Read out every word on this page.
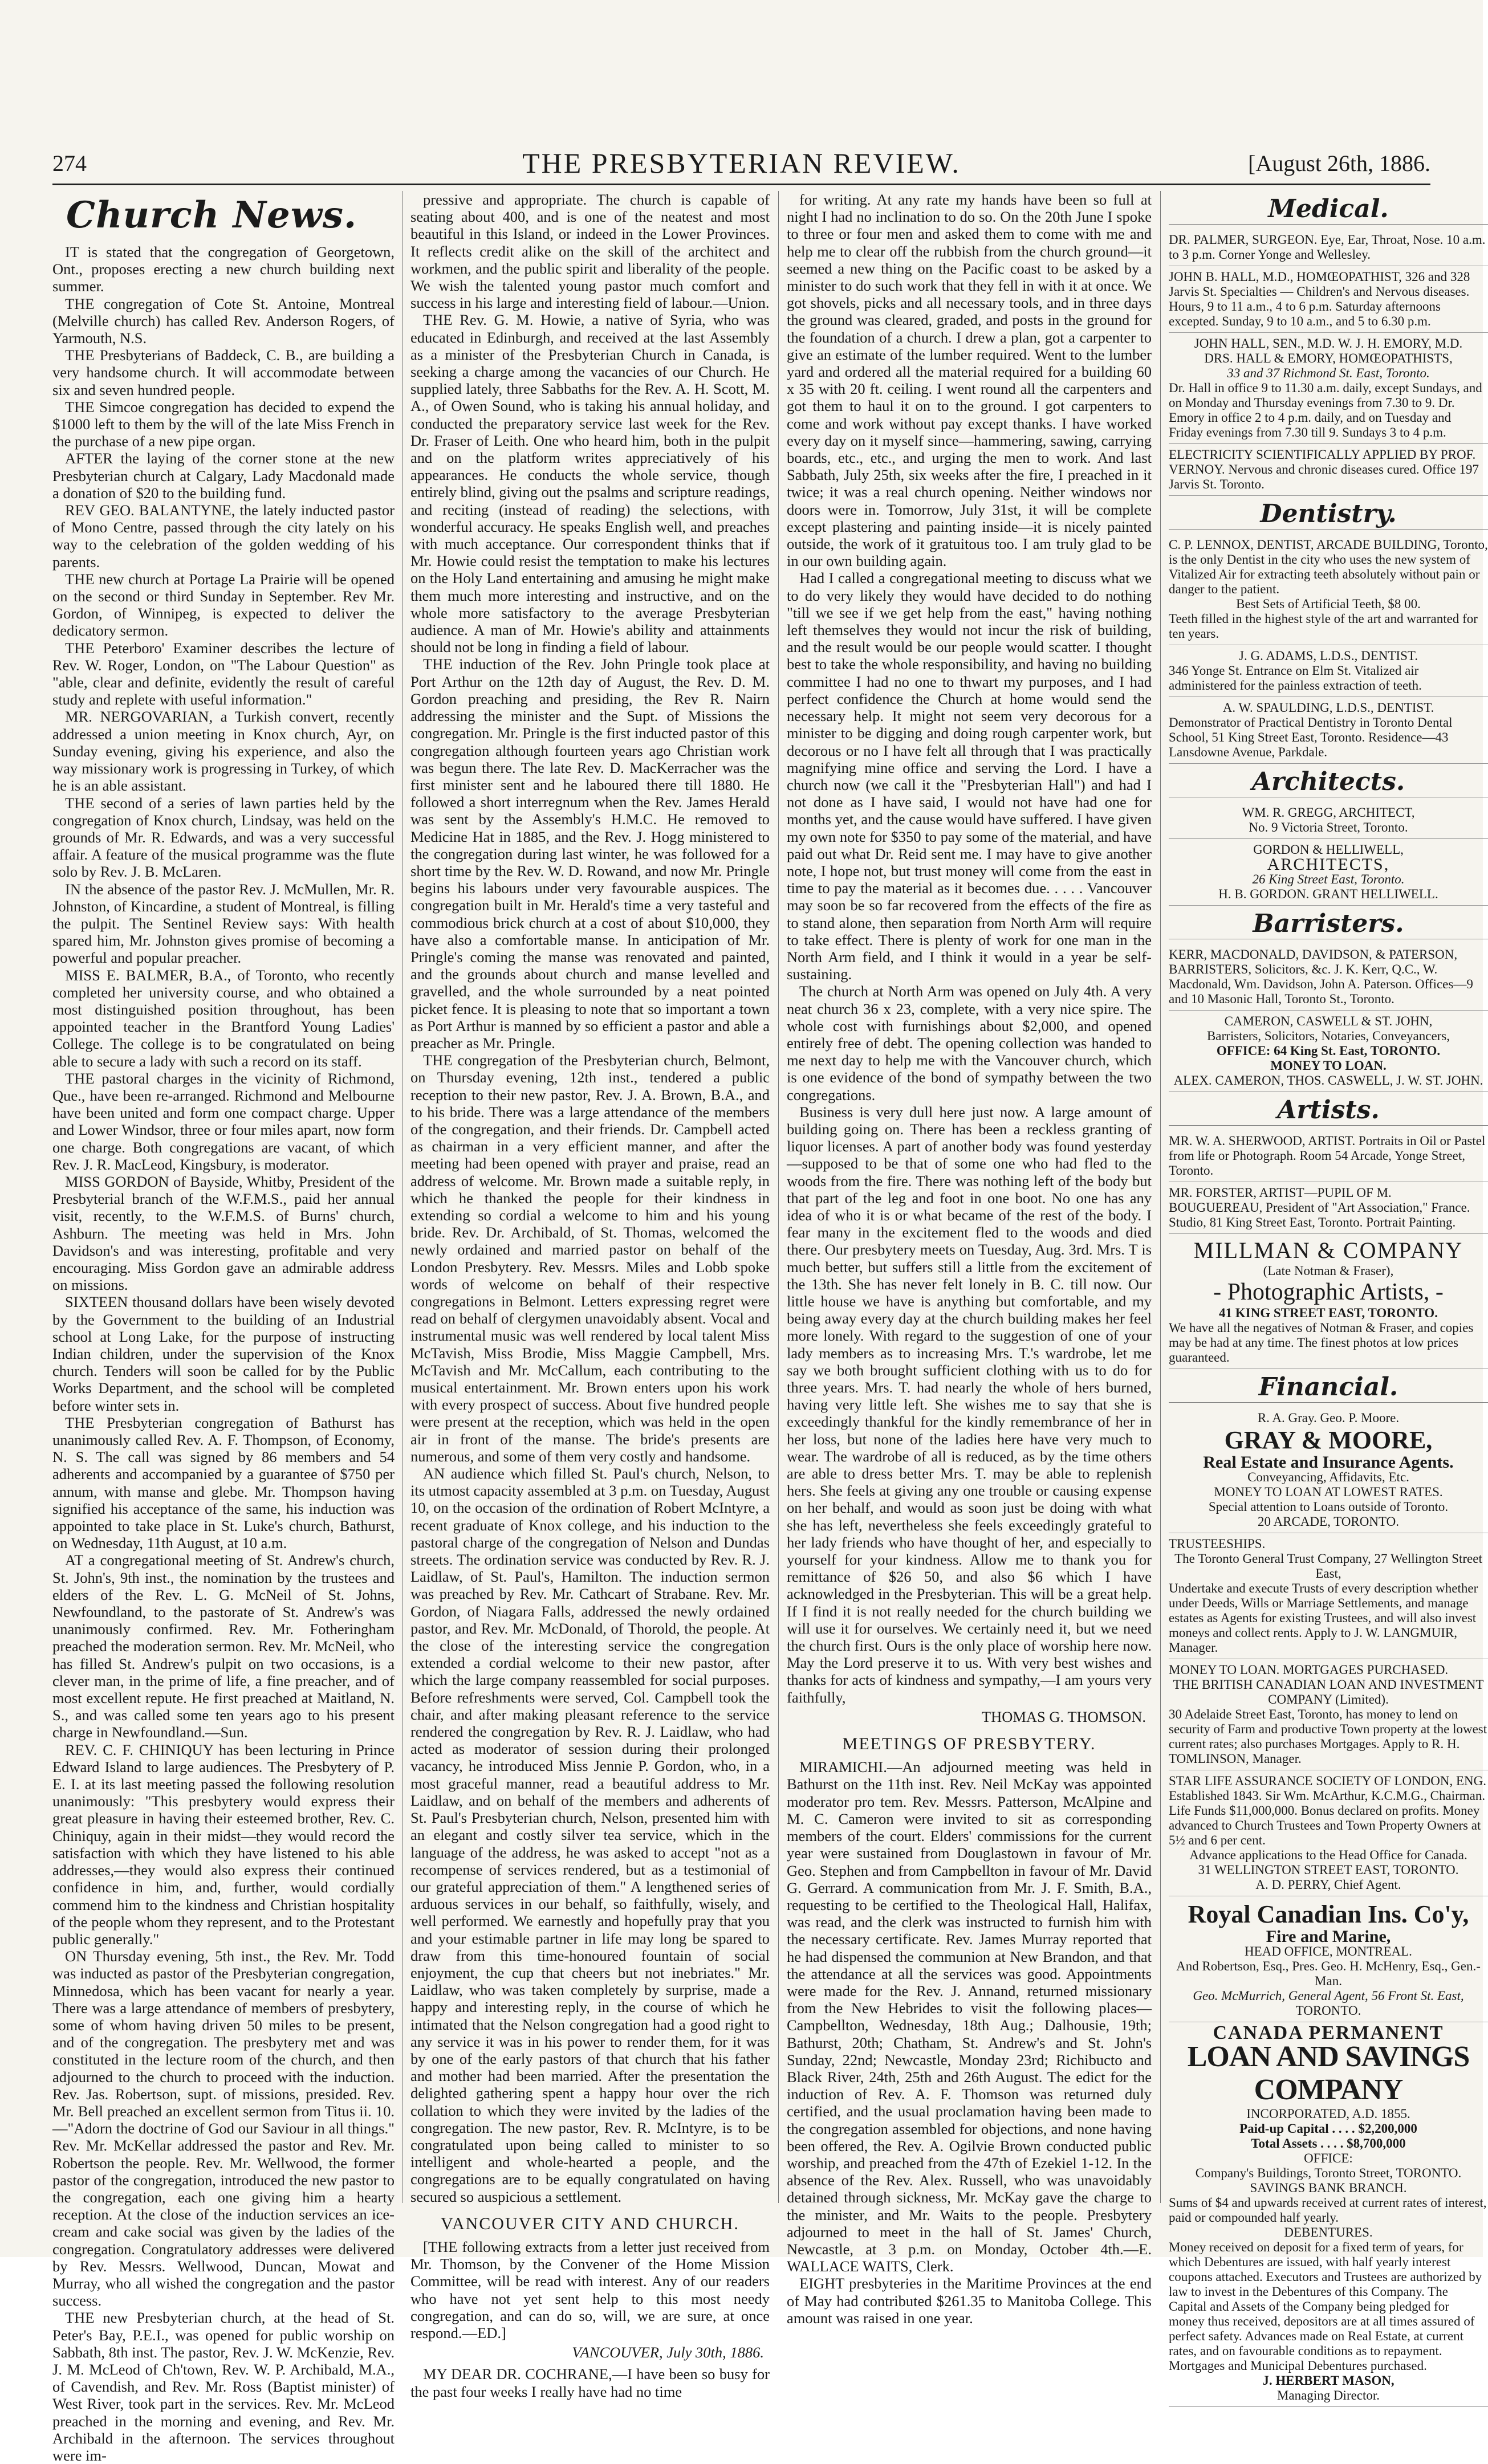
274	THE PRESBYTERIAN REVIEW.	[August 26th, 1886.
Church News.

IT is stated that the congregation of Georgetown, Ont., proposes erecting a new church building next summer.

THE congregation of Cote St. Antoine, Montreal (Melville church) has called Rev. Anderson Rogers, of Yarmouth, N.S.

THE Presbyterians of Baddeck, C. B., are building a very handsome church. It will accommodate between six and seven hundred people.

THE Simcoe congregation has decided to expend the $1000 left to them by the will of the late Miss French in the purchase of a new pipe organ.

AFTER the laying of the corner stone at the new Presbyterian church at Calgary, Lady Macdonald made a donation of $20 to the building fund.

REV GEO. BALANTYNE, the lately inducted pastor of Mono Centre, passed through the city lately on his way to the celebration of the golden wedding of his parents.

THE new church at Portage La Prairie will be opened on the second or third Sunday in September. Rev Mr. Gordon, of Winnipeg, is expected to deliver the dedicatory sermon.

THE Peterboro' Examiner describes the lecture of Rev. W. Roger, London, on "The Labour Question" as "able, clear and definite, evidently the result of careful study and replete with useful information."

MR. NERGOVARIAN, a Turkish convert, recently addressed a union meeting in Knox church, Ayr, on Sunday evening, giving his experience, and also the way missionary work is progressing in Turkey, of which he is an able assistant.

THE second of a series of lawn parties held by the congregation of Knox church, Lindsay, was held on the grounds of Mr. R. Edwards, and was a very successful affair. A feature of the musical programme was the flute solo by Rev. J. B. McLaren.

IN the absence of the pastor Rev. J. McMullen, Mr. R. Johnston, of Kincardine, a student of Montreal, is filling the pulpit. The Sentinel Review says: With health spared him, Mr. Johnston gives promise of becoming a powerful and popular preacher.

MISS E. BALMER, B.A., of Toronto, who recently completed her university course, and who obtained a most distinguished position throughout, has been appointed teacher in the Brantford Young Ladies' College. The college is to be congratulated on being able to secure a lady with such a record on its staff.

THE pastoral charges in the vicinity of Richmond, Que., have been re-arranged. Richmond and Melbourne have been united and form one compact charge. Upper and Lower Windsor, three or four miles apart, now form one charge. Both congregations are vacant, of which Rev. J. R. MacLeod, Kingsbury, is moderator.

MISS GORDON of Bayside, Whitby, President of the Presbyterial branch of the W.F.M.S., paid her annual visit, recently, to the W.F.M.S. of Burns' church, Ashburn. The meeting was held in Mrs. John Davidson's and was interesting, profitable and very encouraging. Miss Gordon gave an admirable address on missions.

SIXTEEN thousand dollars have been wisely devoted by the Government to the building of an Industrial school at Long Lake, for the purpose of instructing Indian children, under the supervision of the Knox church. Tenders will soon be called for by the Public Works Department, and the school will be completed before winter sets in.

THE Presbyterian congregation of Bathurst has unanimously called Rev. A. F. Thompson, of Economy, N. S. The call was signed by 86 members and 54 adherents and accompanied by a guarantee of $750 per annum, with manse and glebe. Mr. Thompson having signified his acceptance of the same, his induction was appointed to take place in St. Luke's church, Bathurst, on Wednesday, 11th August, at 10 a.m.

AT a congregational meeting of St. Andrew's church, St. John's, 9th inst., the nomination by the trustees and elders of the Rev. L. G. McNeil of St. Johns, Newfoundland, to the pastorate of St. Andrew's was unanimously confirmed. Rev. Mr. Fotheringham preached the moderation sermon. Rev. Mr. McNeil, who has filled St. Andrew's pulpit on two occasions, is a clever man, in the prime of life, a fine preacher, and of most excellent repute. He first preached at Maitland, N. S., and was called some ten years ago to his present charge in Newfoundland.—Sun.

REV. C. F. CHINIQUY has been lecturing in Prince Edward Island to large audiences. The Presbytery of P. E. I. at its last meeting passed the following resolution unanimously: "This presbytery would express their great pleasure in having their esteemed brother, Rev. C. Chiniquy, again in their midst—they would record the satisfaction with which they have listened to his able addresses,—they would also express their continued confidence in him, and, further, would cordially commend him to the kindness and Christian hospitality of the people whom they represent, and to the Protestant public generally."

ON Thursday evening, 5th inst., the Rev. Mr. Todd was inducted as pastor of the Presbyterian congregation, Minnedosa, which has been vacant for nearly a year. There was a large attendance of members of presbytery, some of whom having driven 50 miles to be present, and of the congregation. The presbytery met and was constituted in the lecture room of the church, and then adjourned to the church to proceed with the induction. Rev. Jas. Robertson, supt. of missions, presided. Rev. Mr. Bell preached an excellent sermon from Titus ii. 10.—"Adorn the doctrine of God our Saviour in all things." Rev. Mr. McKellar addressed the pastor and Rev. Mr. Robertson the people. Rev. Mr. Wellwood, the former pastor of the congregation, introduced the new pastor to the congregation, each one giving him a hearty reception. At the close of the induction services an ice-cream and cake social was given by the ladies of the congregation. Congratulatory addresses were delivered by Rev. Messrs. Wellwood, Duncan, Mowat and Murray, who all wished the congregation and the pastor success.

THE new Presbyterian church, at the head of St. Peter's Bay, P.E.I., was opened for public worship on Sabbath, 8th inst. The pastor, Rev. J. W. McKenzie, Rev. J. M. McLeod of Ch'town, Rev. W. P. Archibald, M.A., of Cavendish, and Rev. Mr. Ross (Baptist minister) of West River, took part in the services. Rev. Mr. McLeod preached in the morning and evening, and Rev. Mr. Archibald in the afternoon. The services throughout were im-

pressive and appropriate. The church is capable of seating about 400, and is one of the neatest and most beautiful in this Island, or indeed in the Lower Provinces. It reflects credit alike on the skill of the architect and workmen, and the public spirit and liberality of the people. We wish the talented young pastor much comfort and success in his large and interesting field of labour.—Union.

THE Rev. G. M. Howie, a native of Syria, who was educated in Edinburgh, and received at the last Assembly as a minister of the Presbyterian Church in Canada, is seeking a charge among the vacancies of our Church. He supplied lately, three Sabbaths for the Rev. A. H. Scott, M. A., of Owen Sound, who is taking his annual holiday, and conducted the preparatory service last week for the Rev. Dr. Fraser of Leith. One who heard him, both in the pulpit and on the platform writes appreciatively of his appearances. He conducts the whole service, though entirely blind, giving out the psalms and scripture readings, and reciting (instead of reading) the selections, with wonderful accuracy. He speaks English well, and preaches with much acceptance. Our correspondent thinks that if Mr. Howie could resist the temptation to make his lectures on the Holy Land entertaining and amusing he might make them much more interesting and instructive, and on the whole more satisfactory to the average Presbyterian audience. A man of Mr. Howie's ability and attainments should not be long in finding a field of labour.

THE induction of the Rev. John Pringle took place at Port Arthur on the 12th day of August, the Rev. D. M. Gordon preaching and presiding, the Rev R. Nairn addressing the minister and the Supt. of Missions the congregation. Mr. Pringle is the first inducted pastor of this congregation although fourteen years ago Christian work was begun there. The late Rev. D. MacKerracher was the first minister sent and he laboured there till 1880. He followed a short interregnum when the Rev. James Herald was sent by the Assembly's H.M.C. He removed to Medicine Hat in 1885, and the Rev. J. Hogg ministered to the congregation during last winter, he was followed for a short time by the Rev. W. D. Rowand, and now Mr. Pringle begins his labours under very favourable auspices. The congregation built in Mr. Herald's time a very tasteful and commodious brick church at a cost of about $10,000, they have also a comfortable manse. In anticipation of Mr. Pringle's coming the manse was renovated and painted, and the grounds about church and manse levelled and gravelled, and the whole surrounded by a neat pointed picket fence. It is pleasing to note that so important a town as Port Arthur is manned by so efficient a pastor and able a preacher as Mr. Pringle.

THE congregation of the Presbyterian church, Belmont, on Thursday evening, 12th inst., tendered a public reception to their new pastor, Rev. J. A. Brown, B.A., and to his bride. There was a large attendance of the members of the congregation, and their friends. Dr. Campbell acted as chairman in a very efficient manner, and after the meeting had been opened with prayer and praise, read an address of welcome. Mr. Brown made a suitable reply, in which he thanked the people for their kindness in extending so cordial a welcome to him and his young bride. Rev. Dr. Archibald, of St. Thomas, welcomed the newly ordained and married pastor on behalf of the London Presbytery. Rev. Messrs. Miles and Lobb spoke words of welcome on behalf of their respective congregations in Belmont. Letters expressing regret were read on behalf of clergymen unavoidably absent. Vocal and instrumental music was well rendered by local talent Miss McTavish, Miss Brodie, Miss Maggie Campbell, Mrs. McTavish and Mr. McCallum, each contributing to the musical entertainment. Mr. Brown enters upon his work with every prospect of success. About five hundred people were present at the reception, which was held in the open air in front of the manse. The bride's presents are numerous, and some of them very costly and handsome.

AN audience which filled St. Paul's church, Nelson, to its utmost capacity assembled at 3 p.m. on Tuesday, August 10, on the occasion of the ordination of Robert McIntyre, a recent graduate of Knox college, and his induction to the pastoral charge of the congregation of Nelson and Dundas streets. The ordination service was conducted by Rev. R. J. Laidlaw, of St. Paul's, Hamilton. The induction sermon was preached by Rev. Mr. Cathcart of Strabane. Rev. Mr. Gordon, of Niagara Falls, addressed the newly ordained pastor, and Rev. Mr. McDonald, of Thorold, the people. At the close of the interesting service the congregation extended a cordial welcome to their new pastor, after which the large company reassembled for social purposes. Before refreshments were served, Col. Campbell took the chair, and after making pleasant reference to the service rendered the congregation by Rev. R. J. Laidlaw, who had acted as moderator of session during their prolonged vacancy, he introduced Miss Jennie P. Gordon, who, in a most graceful manner, read a beautiful address to Mr. Laidlaw, and on behalf of the members and adherents of St. Paul's Presbyterian church, Nelson, presented him with an elegant and costly silver tea service, which in the language of the address, he was asked to accept "not as a recompense of services rendered, but as a testimonial of our grateful appreciation of them." A lengthened series of arduous services in our behalf, so faithfully, wisely, and well performed. We earnestly and hopefully pray that you and your estimable partner in life may long be spared to draw from this time-honoured fountain of social enjoyment, the cup that cheers but not inebriates." Mr. Laidlaw, who was taken completely by surprise, made a happy and interesting reply, in the course of which he intimated that the Nelson congregation had a good right to any service it was in his power to render them, for it was by one of the early pastors of that church that his father and mother had been married. After the presentation the delighted gathering spent a happy hour over the rich collation to which they were invited by the ladies of the congregation. The new pastor, Rev. R. McIntyre, is to be congratulated upon being called to minister to so intelligent and whole-hearted a people, and the congregations are to be equally congratulated on having secured so auspicious a settlement.

VANCOUVER CITY AND CHURCH.

[THE following extracts from a letter just received from Mr. Thomson, by the Convener of the Home Mission Committee, will be read with interest. Any of our readers who have not yet sent help to this most needy congregation, and can do so, will, we are sure, at once respond.—ED.]

VANCOUVER, July 30th, 1886.

MY DEAR DR. COCHRANE,—I have been so busy for the past four weeks I really have had no time

for writing. At any rate my hands have been so full at night I had no inclination to do so. On the 20th June I spoke to three or four men and asked them to come with me and help me to clear off the rubbish from the church ground—it seemed a new thing on the Pacific coast to be asked by a minister to do such work that they fell in with it at once. We got shovels, picks and all necessary tools, and in three days the ground was cleared, graded, and posts in the ground for the foundation of a church. I drew a plan, got a carpenter to give an estimate of the lumber required. Went to the lumber yard and ordered all the material required for a building 60 x 35 with 20 ft. ceiling. I went round all the carpenters and got them to haul it on to the ground. I got carpenters to come and work without pay except thanks. I have worked every day on it myself since—hammering, sawing, carrying boards, etc., etc., and urging the men to work. And last Sabbath, July 25th, six weeks after the fire, I preached in it twice; it was a real church opening. Neither windows nor doors were in. Tomorrow, July 31st, it will be complete except plastering and painting inside—it is nicely painted outside, the work of it gratuitous too. I am truly glad to be in our own building again.

Had I called a congregational meeting to discuss what we to do very likely they would have decided to do nothing "till we see if we get help from the east," having nothing left themselves they would not incur the risk of building, and the result would be our people would scatter. I thought best to take the whole responsibility, and having no building committee I had no one to thwart my purposes, and I had perfect confidence the Church at home would send the necessary help. It might not seem very decorous for a minister to be digging and doing rough carpenter work, but decorous or no I have felt all through that I was practically magnifying mine office and serving the Lord. I have a church now (we call it the "Presbyterian Hall") and had I not done as I have said, I would not have had one for months yet, and the cause would have suffered. I have given my own note for $350 to pay some of the material, and have paid out what Dr. Reid sent me. I may have to give another note, I hope not, but trust money will come from the east in time to pay the material as it becomes due. . . . . Vancouver may soon be so far recovered from the effects of the fire as to stand alone, then separation from North Arm will require to take effect. There is plenty of work for one man in the North Arm field, and I think it would in a year be self-sustaining.

The church at North Arm was opened on July 4th. A very neat church 36 x 23, complete, with a very nice spire. The whole cost with furnishings about $2,000, and opened entirely free of debt. The opening collection was handed to me next day to help me with the Vancouver church, which is one evidence of the bond of sympathy between the two congregations.

Business is very dull here just now. A large amount of building going on. There has been a reckless granting of liquor licenses. A part of another body was found yesterday—supposed to be that of some one who had fled to the woods from the fire. There was nothing left of the body but that part of the leg and foot in one boot. No one has any idea of who it is or what became of the rest of the body. I fear many in the excitement fled to the woods and died there. Our presbytery meets on Tuesday, Aug. 3rd. Mrs. T is much better, but suffers still a little from the excitement of the 13th. She has never felt lonely in B. C. till now. Our little house we have is anything but comfortable, and my being away every day at the church building makes her feel more lonely. With regard to the suggestion of one of your lady members as to increasing Mrs. T.'s wardrobe, let me say we both brought sufficient clothing with us to do for three years. Mrs. T. had nearly the whole of hers burned, having very little left. She wishes me to say that she is exceedingly thankful for the kindly remembrance of her in her loss, but none of the ladies here have very much to wear. The wardrobe of all is reduced, as by the time others are able to dress better Mrs. T. may be able to replenish hers. She feels at giving any one trouble or causing expense on her behalf, and would as soon just be doing with what she has left, nevertheless she feels exceedingly grateful to her lady friends who have thought of her, and especially to yourself for your kindness. Allow me to thank you for remittance of $26 50, and also $6 which I have acknowledged in the Presbyterian. This will be a great help. If I find it is not really needed for the church building we will use it for ourselves. We certainly need it, but we need the church first. Ours is the only place of worship here now. May the Lord preserve it to us. With very best wishes and thanks for acts of kindness and sympathy,—I am yours very faithfully,

THOMAS G. THOMSON.
MEETINGS OF PRESBYTERY.

MIRAMICHI.—An adjourned meeting was held in Bathurst on the 11th inst. Rev. Neil McKay was appointed moderator pro tem. Rev. Messrs. Patterson, McAlpine and M. C. Cameron were invited to sit as corresponding members of the court. Elders' commissions for the current year were sustained from Douglastown in favour of Mr. Geo. Stephen and from Campbellton in favour of Mr. David G. Gerrard. A communication from Mr. J. F. Smith, B.A., requesting to be certified to the Theological Hall, Halifax, was read, and the clerk was instructed to furnish him with the necessary certificate. Rev. James Murray reported that he had dispensed the communion at New Brandon, and that the attendance at all the services was good. Appointments were made for the Rev. J. Annand, returned missionary from the New Hebrides to visit the following places—Campbellton, Wednesday, 18th Aug.; Dalhousie, 19th; Bathurst, 20th; Chatham, St. Andrew's and St. John's Sunday, 22nd; Newcastle, Monday 23rd; Richibucto and Black River, 24th, 25th and 26th August. The edict for the induction of Rev. A. F. Thomson was returned duly certified, and the usual proclamation having been made to the congregation assembled for objections, and none having been offered, the Rev. A. Ogilvie Brown conducted public worship, and preached from the 47th of Ezekiel 1-12. In the absence of the Rev. Alex. Russell, who was unavoidably detained through sickness, Mr. McKay gave the charge to the minister, and Mr. Waits to the people. Presbytery adjourned to meet in the hall of St. James' Church, Newcastle, at 3 p.m. on Monday, October 4th.—E. WALLACE WAITS, Clerk.

EIGHT presbyteries in the Maritime Provinces at the end of May had contributed $261.35 to Manitoba College. This amount was raised in one year.

Medical.
DR. PALMER, SURGEON. Eye, Ear, Throat, Nose. 10 a.m. to 3 p.m. Corner Yonge and Wellesley.
JOHN B. HALL, M.D., HOMŒOPATHIST, 326 and 328 Jarvis St. Specialties — Children's and Nervous diseases. Hours, 9 to 11 a.m., 4 to 6 p.m. Saturday afternoons excepted. Sunday, 9 to 10 a.m., and 5 to 6.30 p.m.
JOHN HALL, SEN., M.D. W. J. H. EMORY, M.D.
DRS. HALL & EMORY, HOMŒOPATHISTS,
33 and 37 Richmond St. East, Toronto.
Dr. Hall in office 9 to 11.30 a.m. daily, except Sundays, and on Monday and Thursday evenings from 7.30 to 9. Dr. Emory in office 2 to 4 p.m. daily, and on Tuesday and Friday evenings from 7.30 till 9. Sundays 3 to 4 p.m.
ELECTRICITY SCIENTIFICALLY APPLIED BY PROF. VERNOY. Nervous and chronic diseases cured. Office 197 Jarvis St. Toronto.
Dentistry.
C. P. LENNOX, DENTIST, ARCADE BUILDING, Toronto, is the only Dentist in the city who uses the new system of Vitalized Air for extracting teeth absolutely without pain or danger to the patient.
Best Sets of Artificial Teeth, $8 00.
Teeth filled in the highest style of the art and warranted for ten years.
J. G. ADAMS, L.D.S., DENTIST.
346 Yonge St. Entrance on Elm St. Vitalized air administered for the painless extraction of teeth.
A. W. SPAULDING, L.D.S., DENTIST.
Demonstrator of Practical Dentistry in Toronto Dental School, 51 King Street East, Toronto. Residence—43 Lansdowne Avenue, Parkdale.
Architects.
WM. R. GREGG, ARCHITECT,
No. 9 Victoria Street, Toronto.
GORDON & HELLIWELL,
ARCHITECTS,
26 King Street East, Toronto.
H. B. GORDON. GRANT HELLIWELL.
Barristers.
KERR, MACDONALD, DAVIDSON, & PATERSON, BARRISTERS, Solicitors, &c. J. K. Kerr, Q.C., W. Macdonald, Wm. Davidson, John A. Paterson. Offices—9 and 10 Masonic Hall, Toronto St., Toronto.
CAMERON, CASWELL & ST. JOHN,
Barristers, Solicitors, Notaries, Conveyancers,
OFFICE: 64 King St. East, TORONTO.
MONEY TO LOAN.
ALEX. CAMERON, THOS. CASWELL, J. W. ST. JOHN.
Artists.
MR. W. A. SHERWOOD, ARTIST. Portraits in Oil or Pastel from life or Photograph. Room 54 Arcade, Yonge Street, Toronto.
MR. FORSTER, ARTIST—PUPIL OF M. BOUGUEREAU, President of "Art Association," France. Studio, 81 King Street East, Toronto. Portrait Painting.
MILLMAN & COMPANY
(Late Notman & Fraser),
- Photographic Artists, -
41 KING STREET EAST, TORONTO.
We have all the negatives of Notman & Fraser, and copies may be had at any time. The finest photos at low prices guaranteed.
Financial.
R. A. Gray. Geo. P. Moore.
GRAY & MOORE,
Real Estate and Insurance Agents.
Conveyancing, Affidavits, Etc.
MONEY TO LOAN AT LOWEST RATES.
Special attention to Loans outside of Toronto.
20 ARCADE, TORONTO.
TRUSTEESHIPS.
The Toronto General Trust Company, 27 Wellington Street East,
Undertake and execute Trusts of every description whether under Deeds, Wills or Marriage Settlements, and manage estates as Agents for existing Trustees, and will also invest moneys and collect rents. Apply to J. W. LANGMUIR, Manager.
MONEY TO LOAN. MORTGAGES PURCHASED.
THE BRITISH CANADIAN LOAN AND INVESTMENT COMPANY (Limited).
30 Adelaide Street East, Toronto, has money to lend on security of Farm and productive Town property at the lowest current rates; also purchases Mortgages. Apply to R. H. TOMLINSON, Manager.
STAR LIFE ASSURANCE SOCIETY OF LONDON, ENG. Established 1843. Sir Wm. McArthur, K.C.M.G., Chairman. Life Funds $11,000,000. Bonus declared on profits. Money advanced to Church Trustees and Town Property Owners at 5½ and 6 per cent.
Advance applications to the Head Office for Canada.
31 WELLINGTON STREET EAST, TORONTO.
A. D. PERRY, Chief Agent.
Royal Canadian Ins. Co'y,
Fire and Marine,
HEAD OFFICE, MONTREAL.
And Robertson, Esq., Pres. Geo. H. McHenry, Esq., Gen.-Man.
Geo. McMurrich, General Agent, 56 Front St. East,
TORONTO.
CANADA PERMANENT
LOAN AND SAVINGS COMPANY
INCORPORATED, A.D. 1855.
Paid-up Capital . . . . $2,200,000
Total Assets . . . . $8,700,000
OFFICE:
Company's Buildings, Toronto Street, TORONTO.
SAVINGS BANK BRANCH.
Sums of $4 and upwards received at current rates of interest, paid or compounded half yearly.
DEBENTURES.
Money received on deposit for a fixed term of years, for which Debentures are issued, with half yearly interest coupons attached. Executors and Trustees are authorized by law to invest in the Debentures of this Company. The Capital and Assets of the Company being pledged for money thus received, depositors are at all times assured of perfect safety. Advances made on Real Estate, at current rates, and on favourable conditions as to repayment. Mortgages and Municipal Debentures purchased.
J. HERBERT MASON,
Managing Director.
